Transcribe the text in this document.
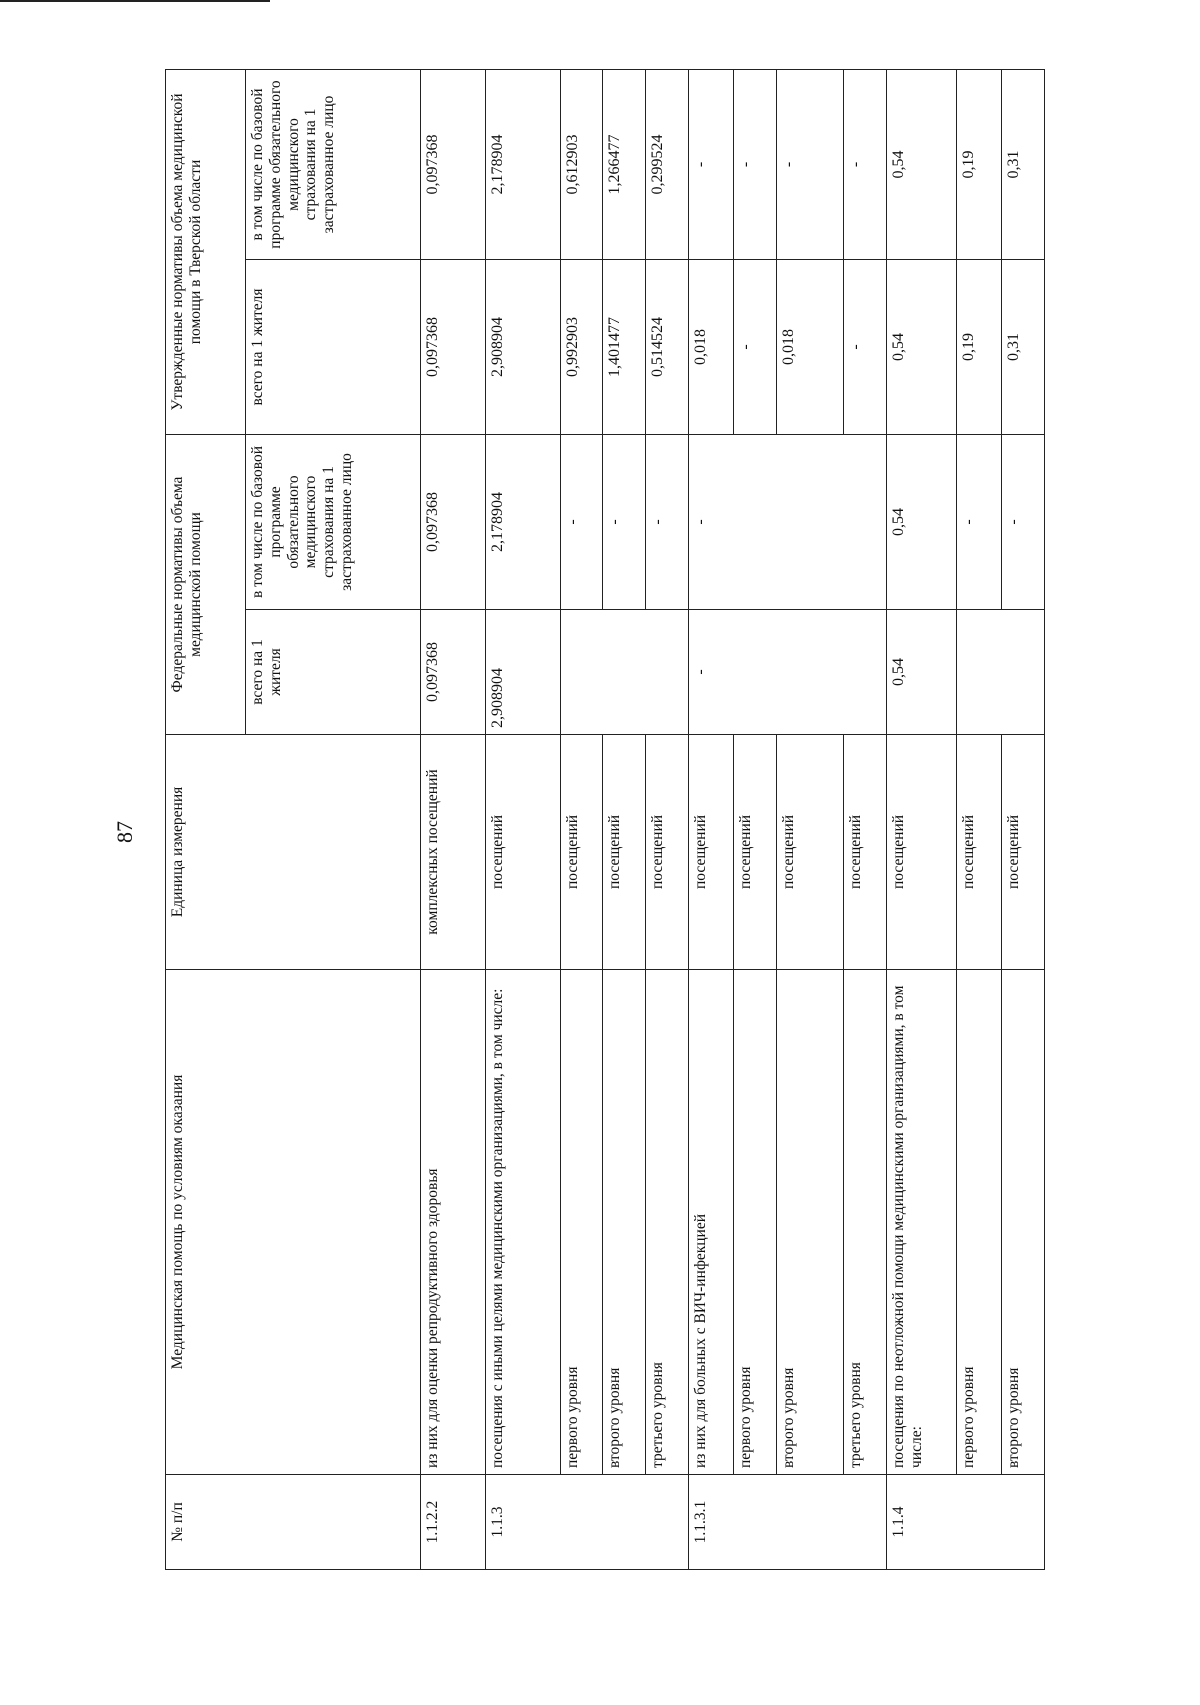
87
№ п/п	Медицинская помощь по условиям оказания	Единица измерения	Федеральные нормативы объема медицинской помощи		Утвержденные нормативы объема медицинской помощи в Тверской области	
			всего на 1 жителя	в том числе по базовой программе обязательного медицинского страхования на 1 застрахованное лицо	всего на 1 жителя	в том числе по базовой программе обязательного медицинского страхования на 1 застрахованное лицо
1.1.2.2	из них для оценки репродуктивного здоровья	комплексных посещений	0,097368	0,097368	0,097368	0,097368
1.1.3	посещения с иными целями медицинскими организациями, в том числе:	посещений	2,908904	2,178904	2,908904	2,178904
	первого уровня	посещений		-	0,992903	0,612903
	второго уровня	посещений		-	1,401477	1,266477
	третьего уровня	посещений		-	0,514524	0,299524
1.1.3.1	из них для больных с ВИЧ-инфекцией	посещений	-	-	0,018	-
	первого уровня	посещений			-	-
	второго уровня	посещений			0,018	-
	третьего уровня	посещений			-	-
1.1.4	посещения по неотложной помощи медицинскими организациями, в том числе:	посещений	0,54	0,54	0,54	0,54
	первого уровня	посещений		-	0,19	0,19
	второго уровня	посещений		-	0,31	0,31
